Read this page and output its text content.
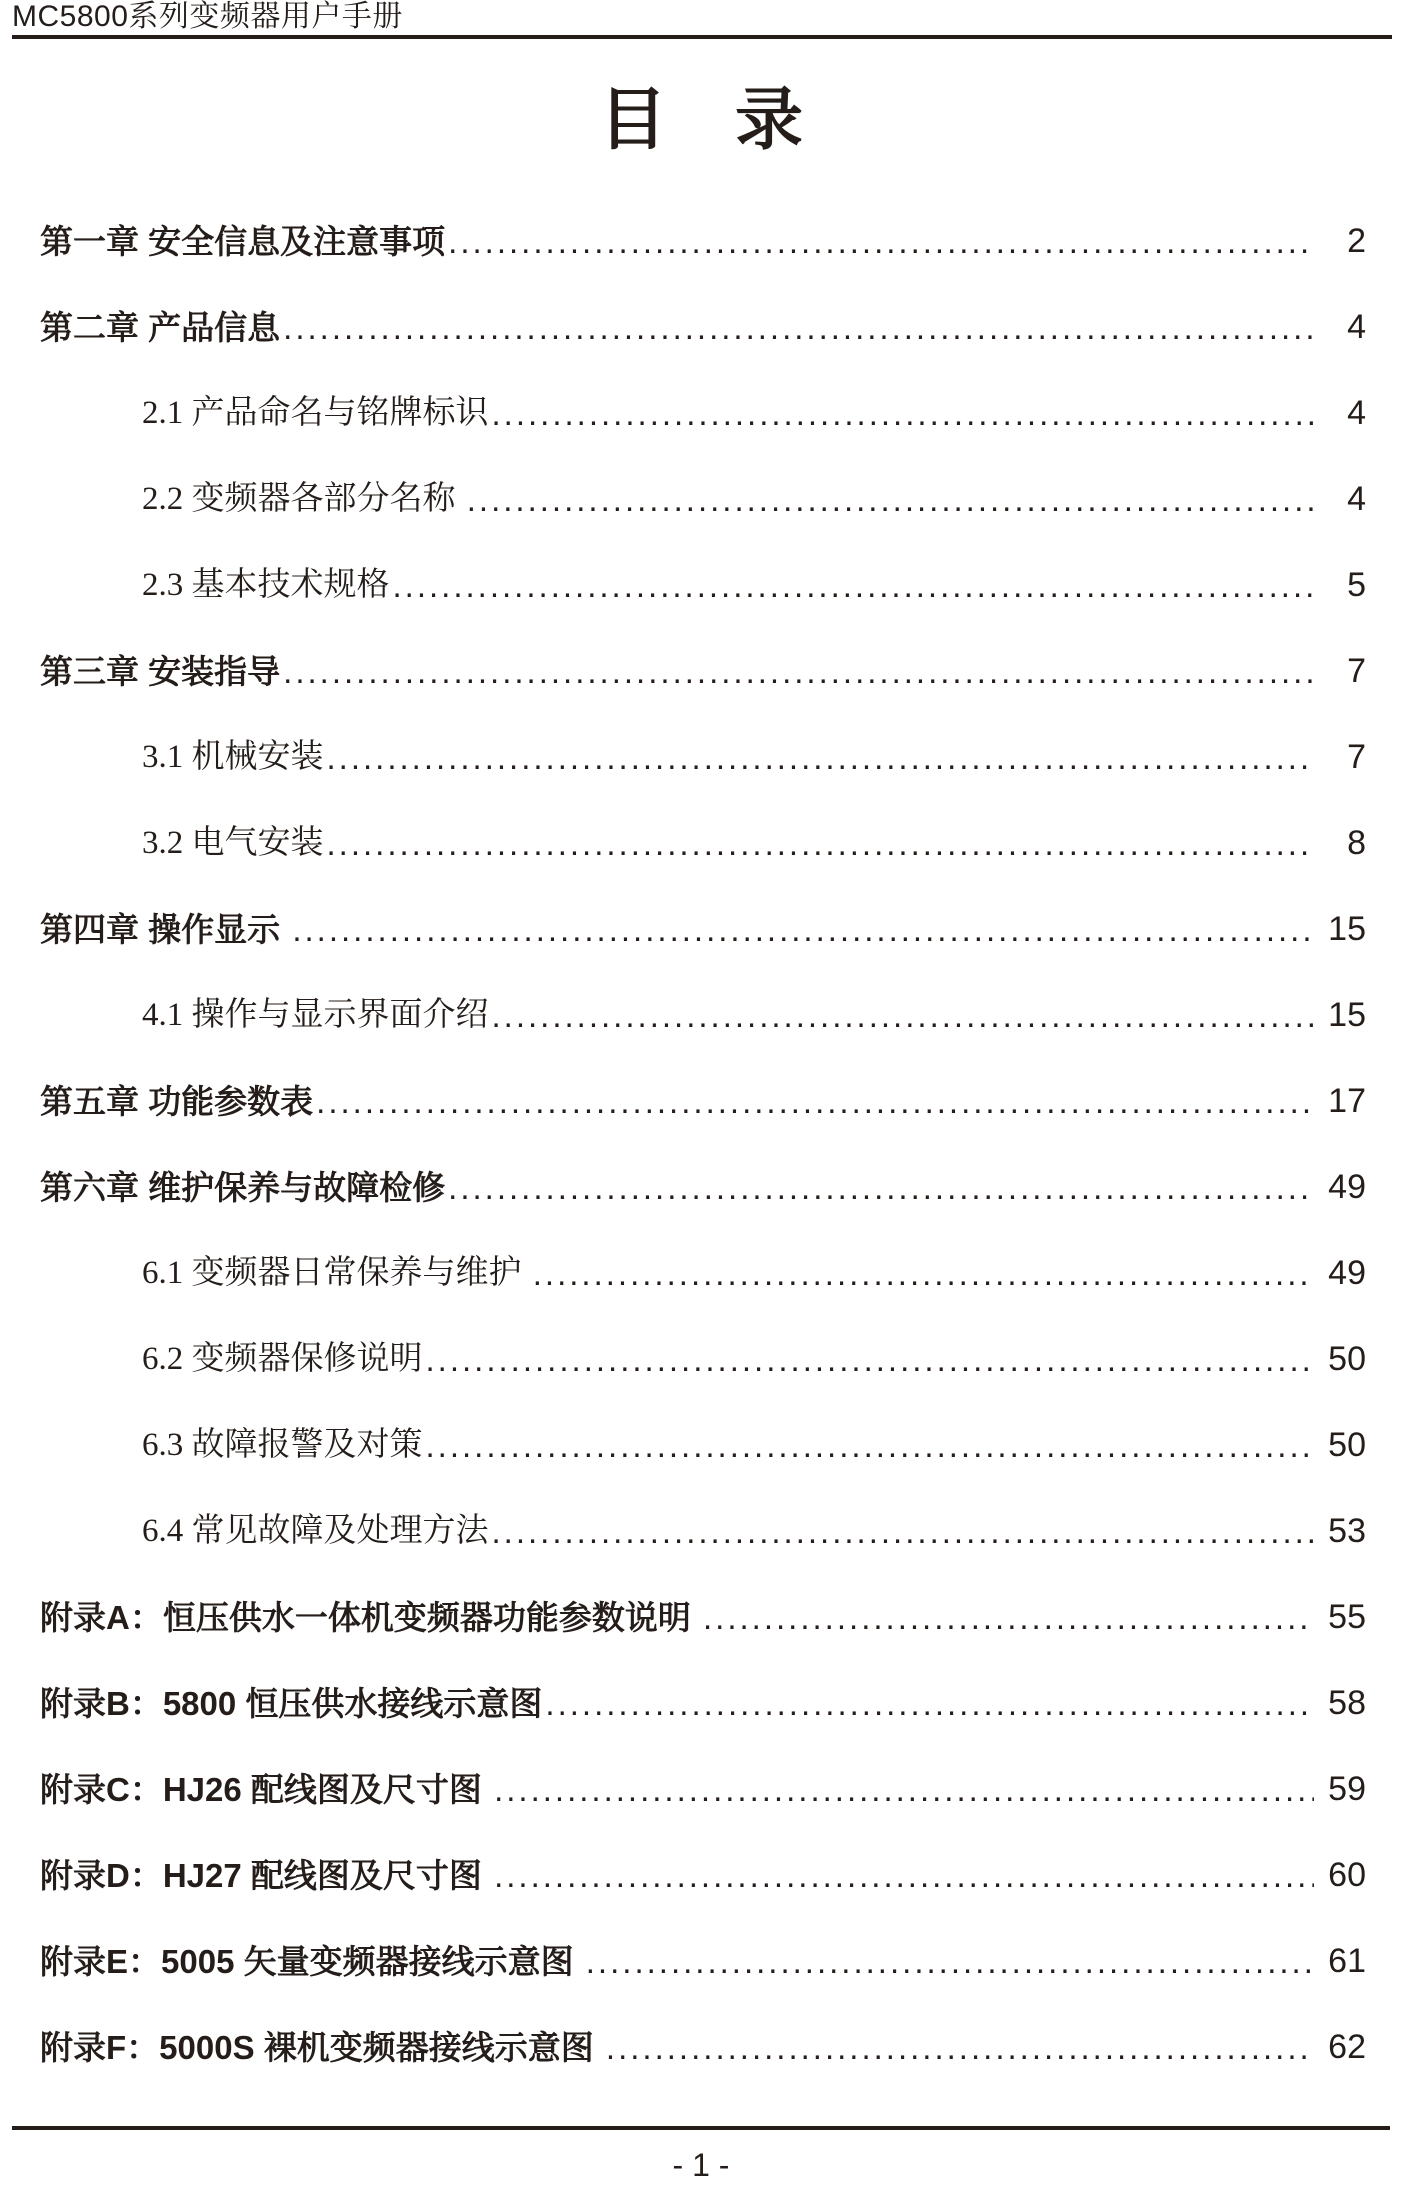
MC5800系列变频器用户手册
目　录
第一章 安全信息及注意事项 .....	2
第二章 产品信息 .....	4
2.1 产品命名与铭牌标识 .....	4
2.2 变频器各部分名称 .....	4
2.3 基本技术规格 .....	5
第三章 安装指导 .....	7
3.1 机械安装 .....	7
3.2 电气安装 .....	8
第四章 操作显示 .....	15
4.1 操作与显示界面介绍 .....	15
第五章 功能参数表 .....	17
第六章 维护保养与故障检修 .....	49
6.1 变频器日常保养与维护 .....	49
6.2 变频器保修说明 .....	50
6.3 故障报警及对策 .....	50
6.4 常见故障及处理方法 .....	53
附录A：恒压供水一体机变频器功能参数说明 .....	55
附录B：5800 恒压供水接线示意图 .....	58
附录C：HJ26 配线图及尺寸图 .....	59
附录D：HJ27 配线图及尺寸图 .....	60
附录E：5005 矢量变频器接线示意图 .....	61
附录F：5000S 裸机变频器接线示意图 .....	62
- 1 -
